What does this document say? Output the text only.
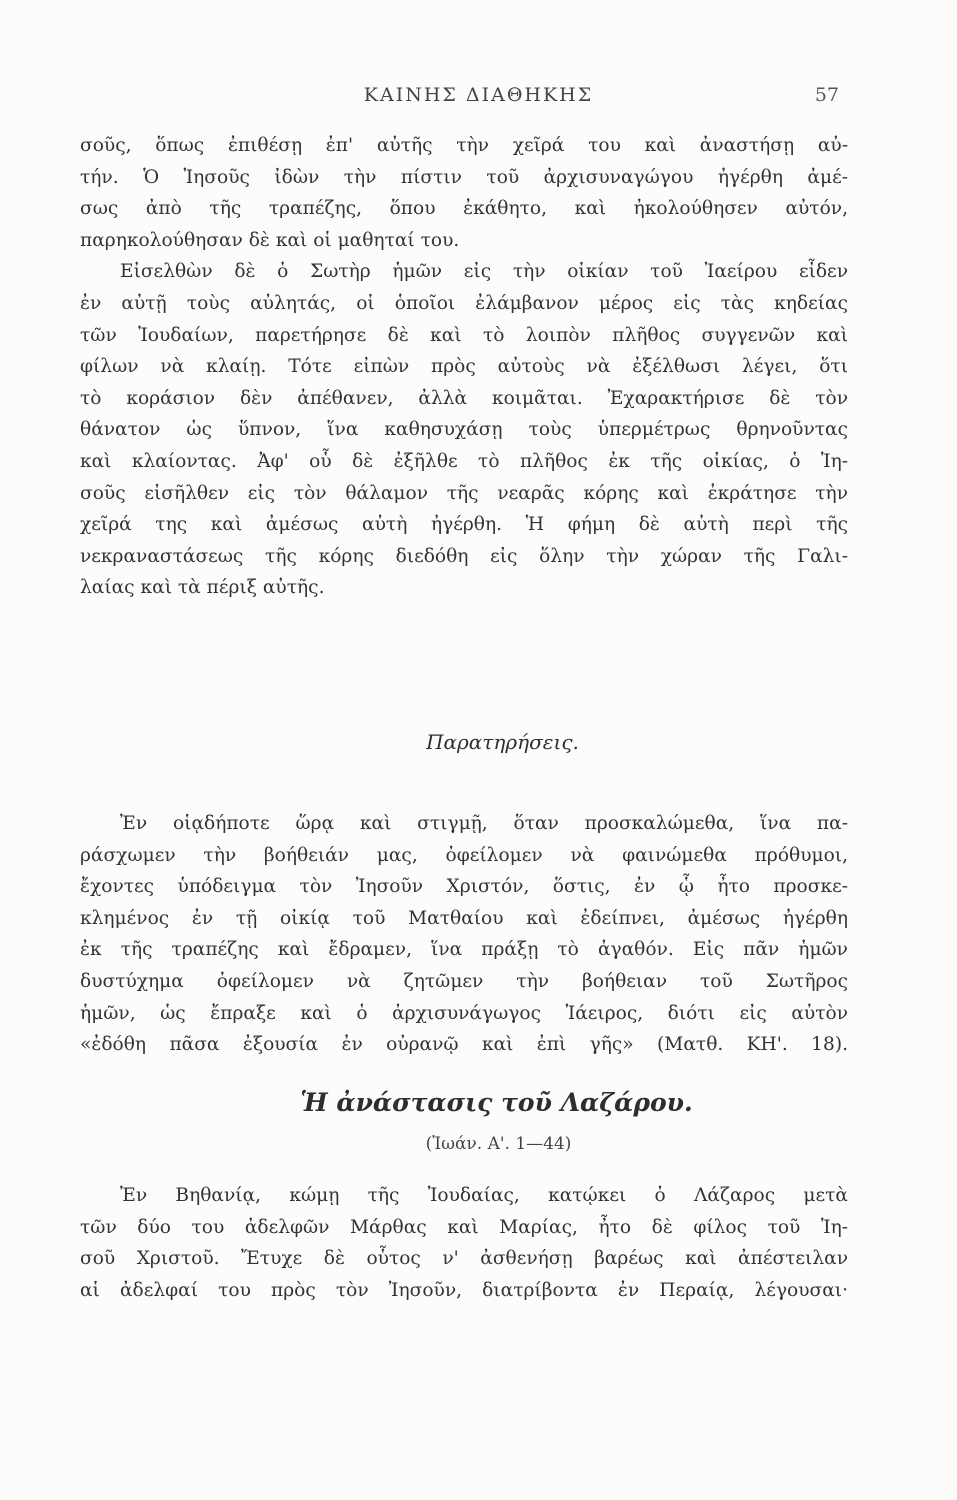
ΚΑΙΝΗΣ ΔΙΑΘΗΚΗΣ	57
σοῦς, ὅπως ἐπιθέσῃ ἐπ' αὐτῆς τὴν χεῖρά του καὶ ἀναστήσῃ αὐ-
τήν. Ὁ Ἰησοῦς ἰδὼν τὴν πίστιν τοῦ ἀρχισυναγώγου ἠγέρθη ἀμέ-
σως ἀπὸ τῆς τραπέζης, ὅπου ἐκάθητο, καὶ ἠκολούθησεν αὐτόν,
παρηκολούθησαν δὲ καὶ οἱ μαθηταί του.
Εἰσελθὼν δὲ ὁ Σωτὴρ ἡμῶν εἰς τὴν οἰκίαν τοῦ Ἰαείρου εἶδεν
ἐν αὐτῇ τοὺς αὐλητάς, οἱ ὁποῖοι ἐλάμβανον μέρος εἰς τὰς κηδείας
τῶν Ἰουδαίων, παρετήρησε δὲ καὶ τὸ λοιπὸν πλῆθος συγγενῶν καὶ
φίλων νὰ κλαίῃ. Τότε εἰπὼν πρὸς αὐτοὺς νὰ ἐξέλθωσι λέγει, ὅτι
τὸ κοράσιον δὲν ἀπέθανεν, ἀλλὰ κοιμᾶται. Ἐχαρακτήρισε δὲ τὸν
θάνατον ὡς ὕπνον, ἵνα καθησυχάσῃ τοὺς ὑπερμέτρως θρηνοῦντας
καὶ κλαίοντας. Ἀφ' οὗ δὲ ἐξῆλθε τὸ πλῆθος ἐκ τῆς οἰκίας, ὁ Ἰη-
σοῦς εἰσῆλθεν εἰς τὸν θάλαμον τῆς νεαρᾶς κόρης καὶ ἐκράτησε τὴν
χεῖρά της καὶ ἀμέσως αὐτὴ ἠγέρθη. Ἡ φήμη δὲ αὐτὴ περὶ τῆς
νεκραναστάσεως τῆς κόρης διεδόθη εἰς ὅλην τὴν χώραν τῆς Γαλι-
λαίας καὶ τὰ πέριξ αὐτῆς.
Παρατηρήσεις.
Ἐν οἱᾳδήποτε ὥρᾳ καὶ στιγμῇ, ὅταν προσκαλώμεθα, ἵνα πα-
ράσχωμεν τὴν βοήθειάν μας, ὀφείλομεν νὰ φαινώμεθα πρόθυμοι,
ἔχοντες ὑπόδειγμα τὸν Ἰησοῦν Χριστόν, ὅστις, ἐν ᾧ ἦτο προσκε-
κλημένος ἐν τῇ οἰκίᾳ τοῦ Ματθαίου καὶ ἐδείπνει, ἀμέσως ἠγέρθη
ἐκ τῆς τραπέζης καὶ ἔδραμεν, ἵνα πράξῃ τὸ ἀγαθόν. Εἰς πᾶν ἡμῶν
δυστύχημα ὀφείλομεν νὰ ζητῶμεν τὴν βοήθειαν τοῦ Σωτῆρος
ἡμῶν, ὡς ἔπραξε καὶ ὁ ἀρχισυνάγωγος Ἰάειρος, διότι εἰς αὐτὸν
«ἐδόθη πᾶσα ἐξουσία ἐν οὐρανῷ καὶ ἐπὶ γῆς» (Ματθ. ΚΗ'. 18).
Ἡ ἀνάστασις τοῦ Λαζάρου.
(Ἰωάν. Α'. 1—44)
Ἐν Βηθανίᾳ, κώμῃ τῆς Ἰουδαίας, κατῴκει ὁ Λάζαρος μετὰ
τῶν δύο του ἀδελφῶν Μάρθας καὶ Μαρίας, ἦτο δὲ φίλος τοῦ Ἰη-
σοῦ Χριστοῦ. Ἔτυχε δὲ οὗτος ν' ἀσθενήσῃ βαρέως καὶ ἀπέστειλαν
αἱ ἀδελφαί του πρὸς τὸν Ἰησοῦν, διατρίβοντα ἐν Περαίᾳ, λέγουσαι·
